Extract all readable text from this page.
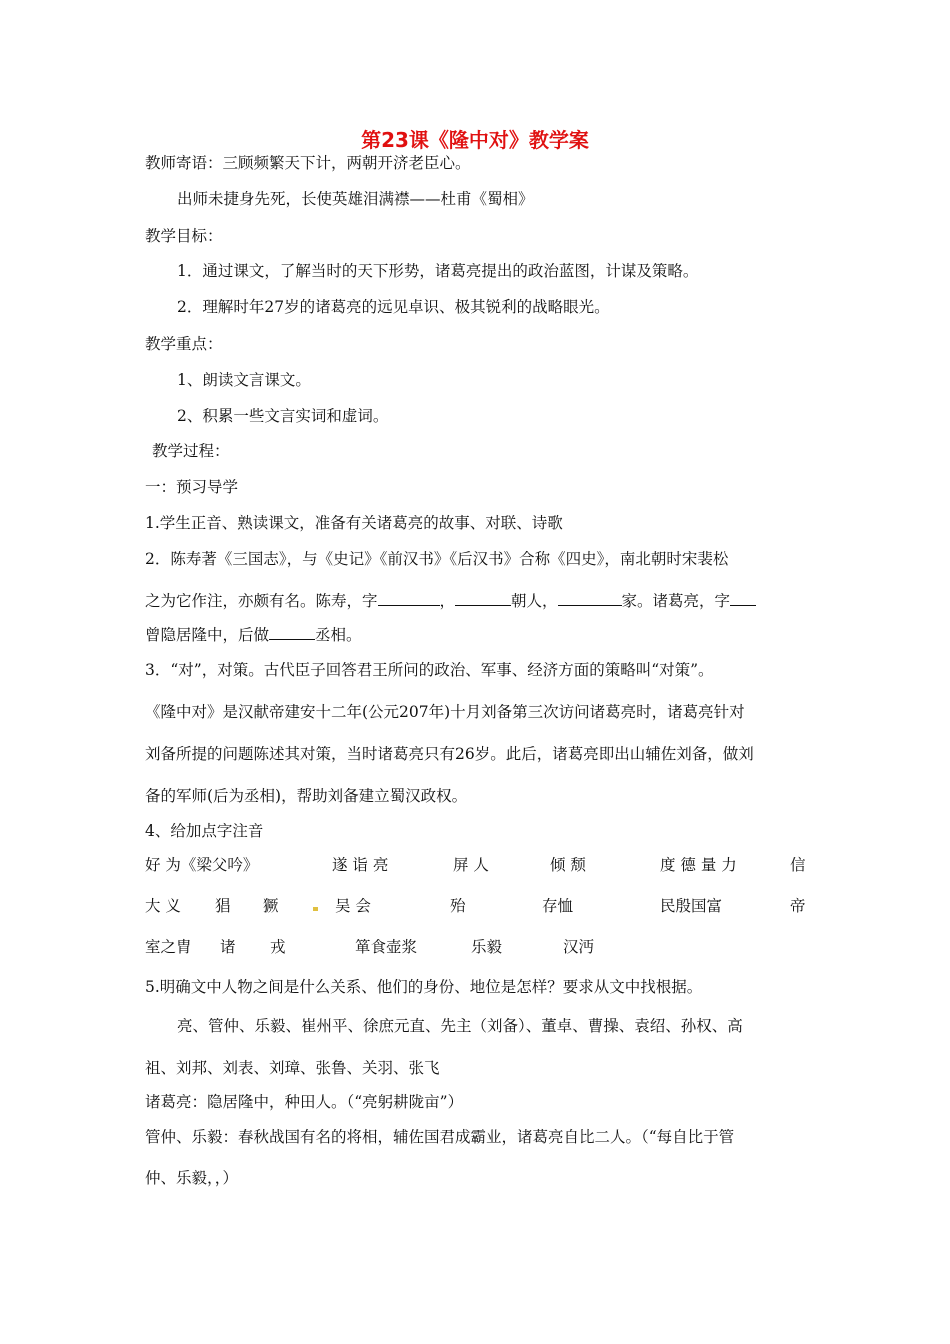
第23课《隆中对》教学案
教师寄语：三顾频繁天下计，两朝开济老臣心。
出师未捷身先死，长使英雄泪满襟——杜甫《蜀相》
教学目标：
1．通过课文，了解当时的天下形势，诸葛亮提出的政治蓝图，计谋及策略。
2．理解时年27岁的诸葛亮的远见卓识、极其锐利的战略眼光。
教学重点：
1、朗读文言课文。
2、积累一些文言实词和虚词。
教学过程：
一：预习导学
1.学生正音、熟读课文，准备有关诸葛亮的故事、对联、诗歌
2．陈寿著《三国志》，与《史记》《前汉书》《后汉书》合称《四史》，南北朝时宋裴松
之为它作注，亦颇有名。陈寿，字	，	朝人，	家。诸葛亮，字
曾隐居隆中，后做	丞相。
3．“对”，对策。古代臣子回答君王所问的政治、军事、经济方面的策略叫“对策”。
《隆中对》是汉献帝建安十二年(公元207年)十月刘备第三次访问诸葛亮时，诸葛亮针对
刘备所提的问题陈述其对策，当时诸葛亮只有26岁。此后，诸葛亮即出山辅佐刘备，做刘
备的军师(后为丞相)，帮助刘备建立蜀汉政权。
4、给加点字注音
好 为《梁父吟》	遂 诣 亮	屏 人	倾 颓	度 德 量 力	信
大 义 猖 獗	吴 会	殆	存恤	民殷国富	帝
室之胄 诸 戎	箪食壶浆	乐毅	汉沔
5.明确文中人物之间是什么关系、他们的身份、地位是怎样？要求从文中找根据。
亮、管仲、乐毅、崔州平、徐庶元直、先主（刘备）、董卓、曹操、袁绍、孙权、高
祖、刘邦、刘表、刘璋、张鲁、关羽、张飞
诸葛亮：隐居隆中，种田人。（“亮躬耕陇亩”）
管仲、乐毅：春秋战国有名的将相，辅佐国君成霸业，诸葛亮自比二人。（“每自比于管
仲、乐毅，，）
